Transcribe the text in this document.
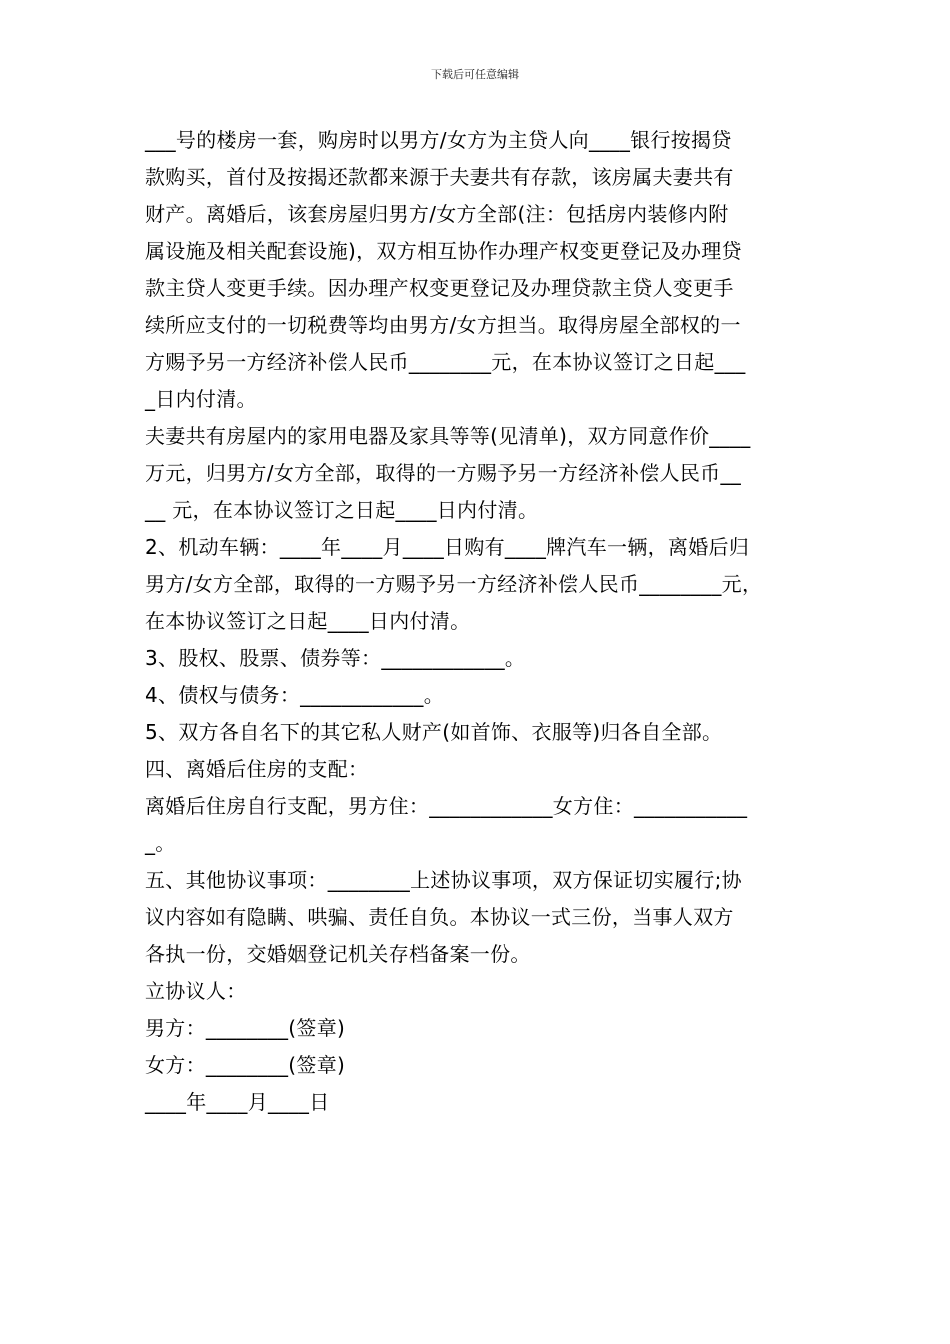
下载后可任意编辑
___号的楼房一套，购房时以男方/女方为主贷人向____银行按揭贷
款购买，首付及按揭还款都来源于夫妻共有存款，该房属夫妻共有
财产。离婚后，该套房屋归男方/女方全部(注：包括房内装修内附
属设施及相关配套设施)，双方相互协作办理产权变更登记及办理贷
款主贷人变更手续。因办理产权变更登记及办理贷款主贷人变更手
续所应支付的一切税费等均由男方/女方担当。取得房屋全部权的一
方赐予另一方经济补偿人民币________元，在本协议签订之日起___
_日内付清。
夫妻共有房屋内的家用电器及家具等等(见清单)，双方同意作价____
万元，归男方/女方全部，取得的一方赐予另一方经济补偿人民币__
__ 元，在本协议签订之日起____日内付清。
2、机动车辆：____年____月____日购有____牌汽车一辆，离婚后归
男方/女方全部，取得的一方赐予另一方经济补偿人民币________元，
在本协议签订之日起____日内付清。
3、股权、股票、债券等：____________。
4、债权与债务：____________。
5、双方各自名下的其它私人财产(如首饰、衣服等)归各自全部。
四、离婚后住房的支配：
离婚后住房自行支配，男方住：____________女方住：___________
_。
五、其他协议事项：________上述协议事项，双方保证切实履行;协
议内容如有隐瞒、哄骗、责任自负。本协议一式三份，当事人双方
各执一份，交婚姻登记机关存档备案一份。
立协议人：
男方：________(签章)
女方：________(签章)
____年____月____日
